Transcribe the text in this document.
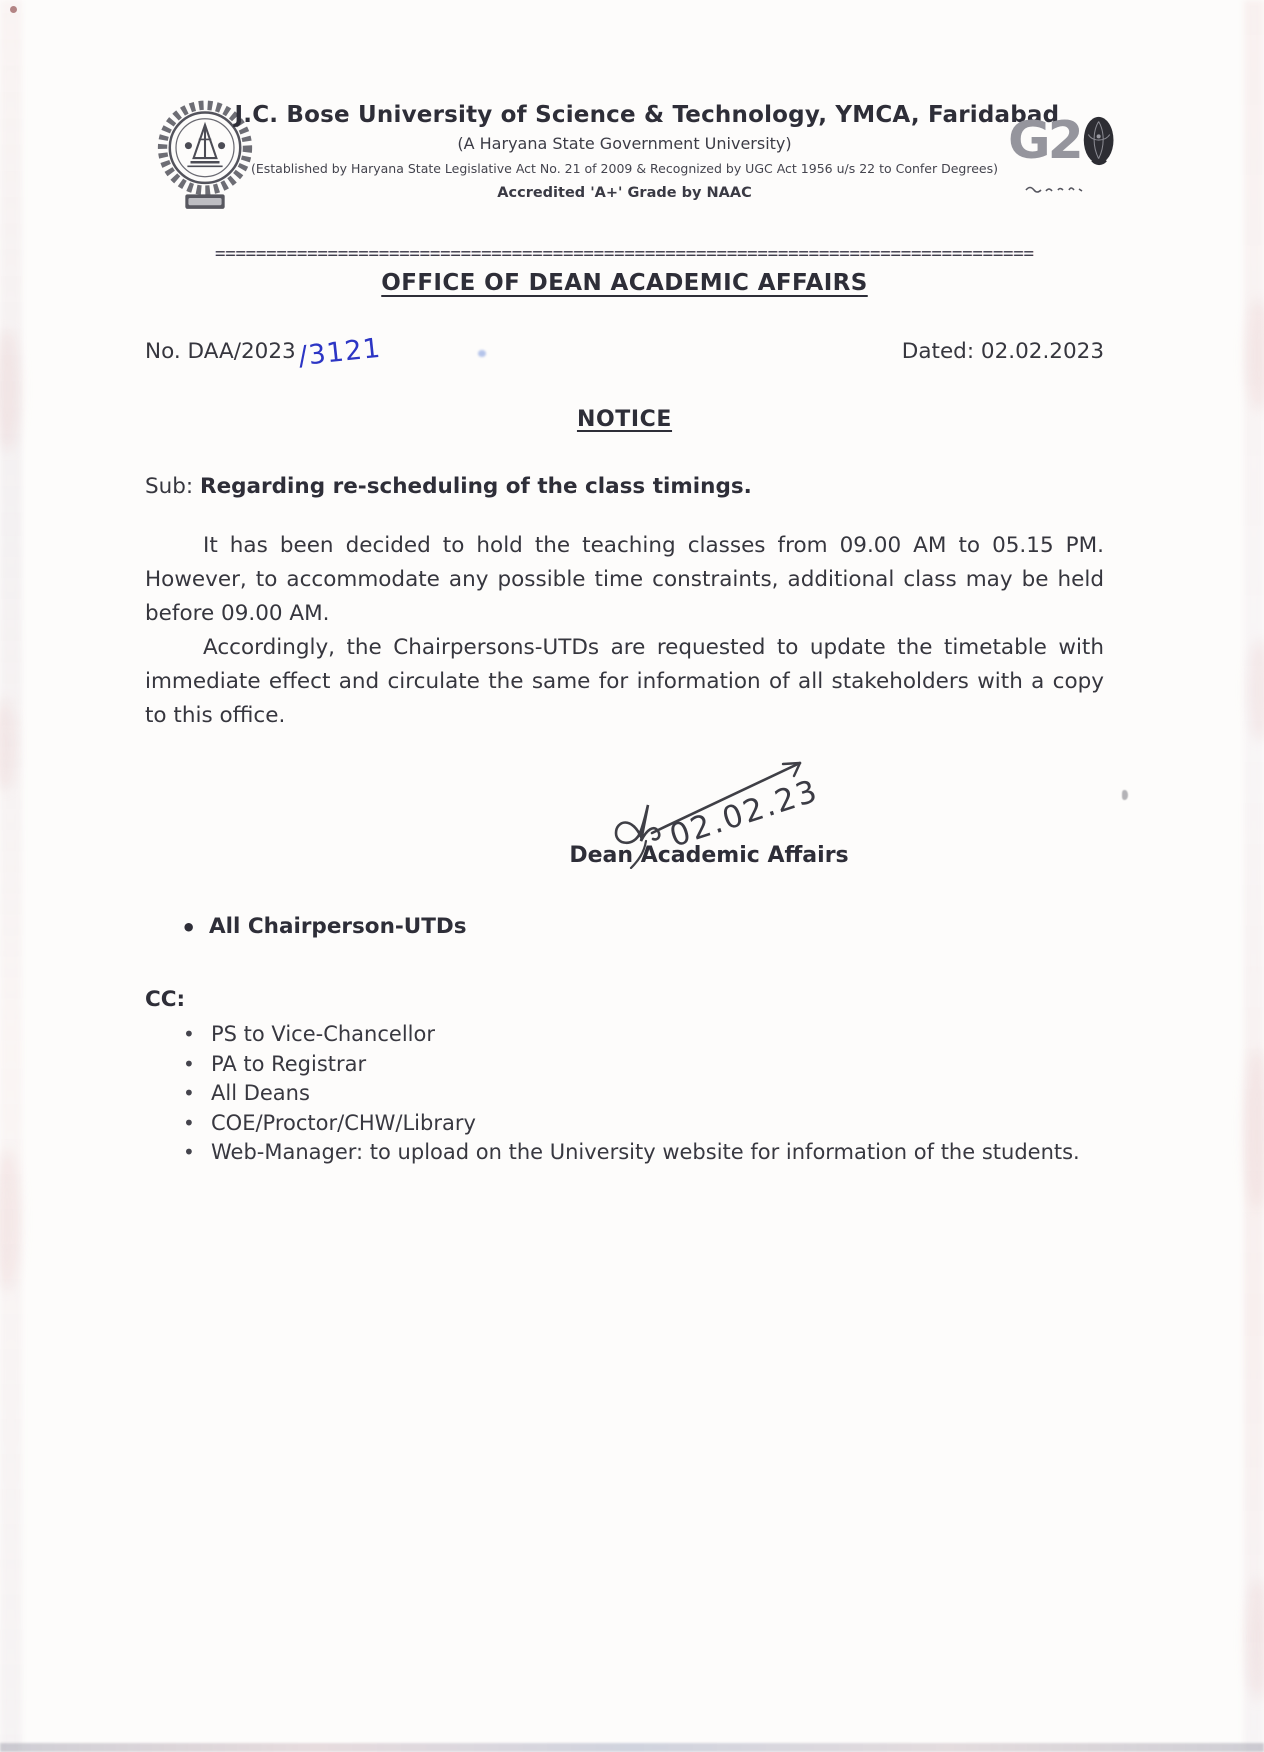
J.C. Bose University of Science & Technology, YMCA, Faridabad
(A Haryana State Government University)
(Established by Haryana State Legislative Act No. 21 of 2009 & Recognized by UGC Act 1956 u/s 22 to Confer Degrees)
Accredited 'A+' Grade by NAAC
G2
================================================================================
OFFICE OF DEAN ACADEMIC AFFAIRS
No. DAA/2023/3121	Dated: 02.02.2023
NOTICE
Sub: Regarding re-scheduling of the class timings.

It has been decided to hold the teaching classes from 09.00 AM to 05.15 PM. However, to accommodate any possible time constraints, additional class may be held before 09.00 AM.

Accordingly, the Chairpersons-UTDs are requested to update the timetable with immediate effect and circulate the same for information of all stakeholders with a copy to this office.

02.02.23
Dean Academic Affairs
• All Chairperson-UTDs
CC:
• PS to Vice-Chancellor
• PA to Registrar
• All Deans
• COE/Proctor/CHW/Library
• Web-Manager: to upload on the University website for information of the students.
